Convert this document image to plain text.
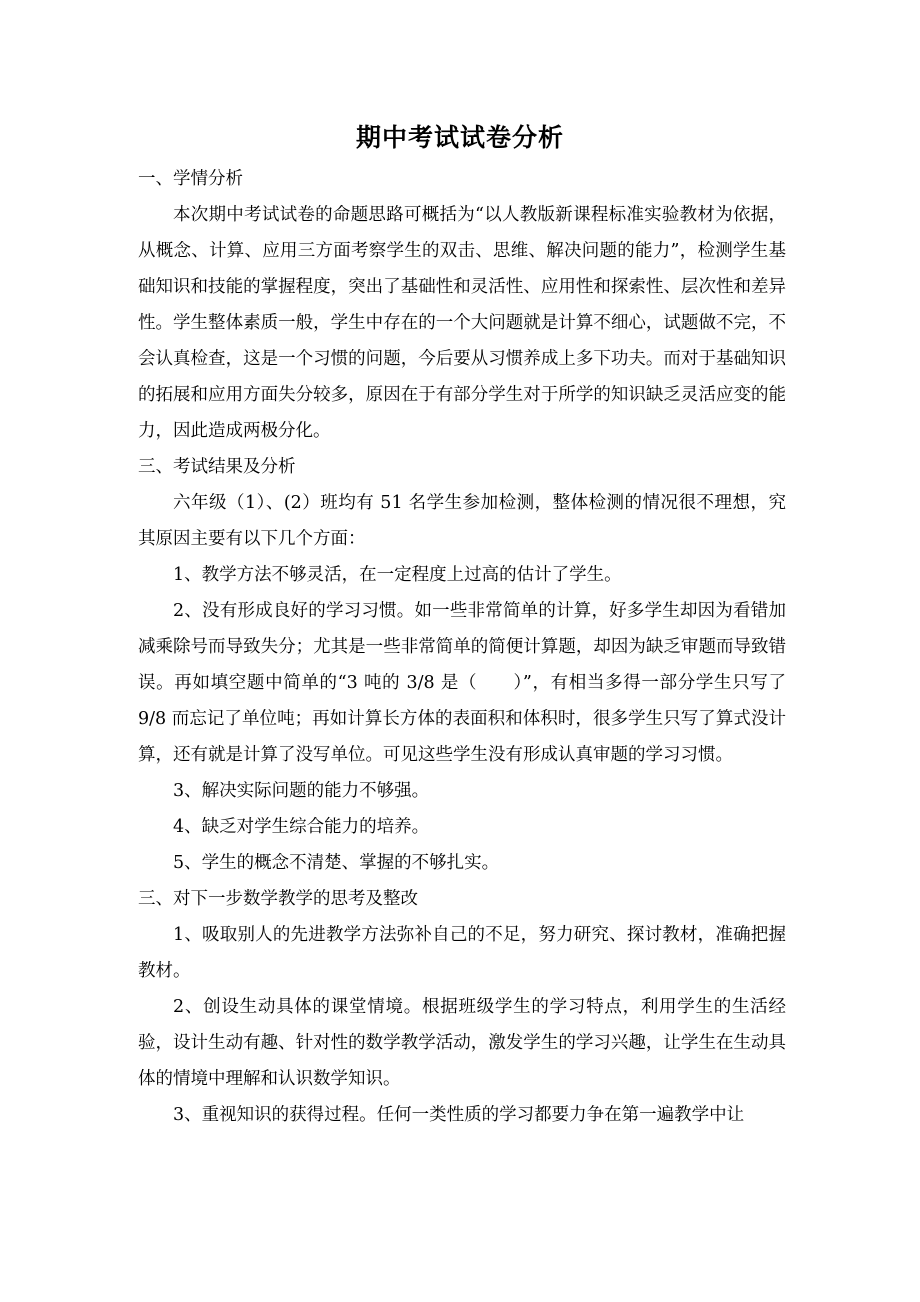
期中考试试卷分析

一、学情分析

本次期中考试试卷的命题思路可概括为“以人教版新课程标准实验教材为依据，从概念、计算、应用三方面考察学生的双击、思维、解决问题的能力”，检测学生基础知识和技能的掌握程度，突出了基础性和灵活性、应用性和探索性、层次性和差异性。学生整体素质一般，学生中存在的一个大问题就是计算不细心，试题做不完，不会认真检查，这是一个习惯的问题，今后要从习惯养成上多下功夫。而对于基础知识的拓展和应用方面失分较多，原因在于有部分学生对于所学的知识缺乏灵活应变的能力，因此造成两极分化。

三、考试结果及分析

六年级（1）、(2）班均有 51 名学生参加检测，整体检测的情况很不理想，究其原因主要有以下几个方面：

1、教学方法不够灵活，在一定程度上过高的估计了学生。

2、没有形成良好的学习习惯。如一些非常简单的计算，好多学生却因为看错加减乘除号而导致失分；尤其是一些非常简单的简便计算题，却因为缺乏审题而导致错误。再如填空题中简单的“3 吨的 3/8 是（　　）”，有相当多得一部分学生只写了 9/8 而忘记了单位吨；再如计算长方体的表面积和体积时，很多学生只写了算式没计算，还有就是计算了没写单位。可见这些学生没有形成认真审题的学习习惯。

3、解决实际问题的能力不够强。

4、缺乏对学生综合能力的培养。

5、学生的概念不清楚、掌握的不够扎实。

三、对下一步数学教学的思考及整改

1、吸取别人的先进教学方法弥补自己的不足，努力研究、探讨教材，准确把握教材。

2、创设生动具体的课堂情境。根据班级学生的学习特点，利用学生的生活经验，设计生动有趣、针对性的数学教学活动，激发学生的学习兴趣，让学生在生动具体的情境中理解和认识数学知识。

3、重视知识的获得过程。任何一类性质的学习都要力争在第一遍教学中让
